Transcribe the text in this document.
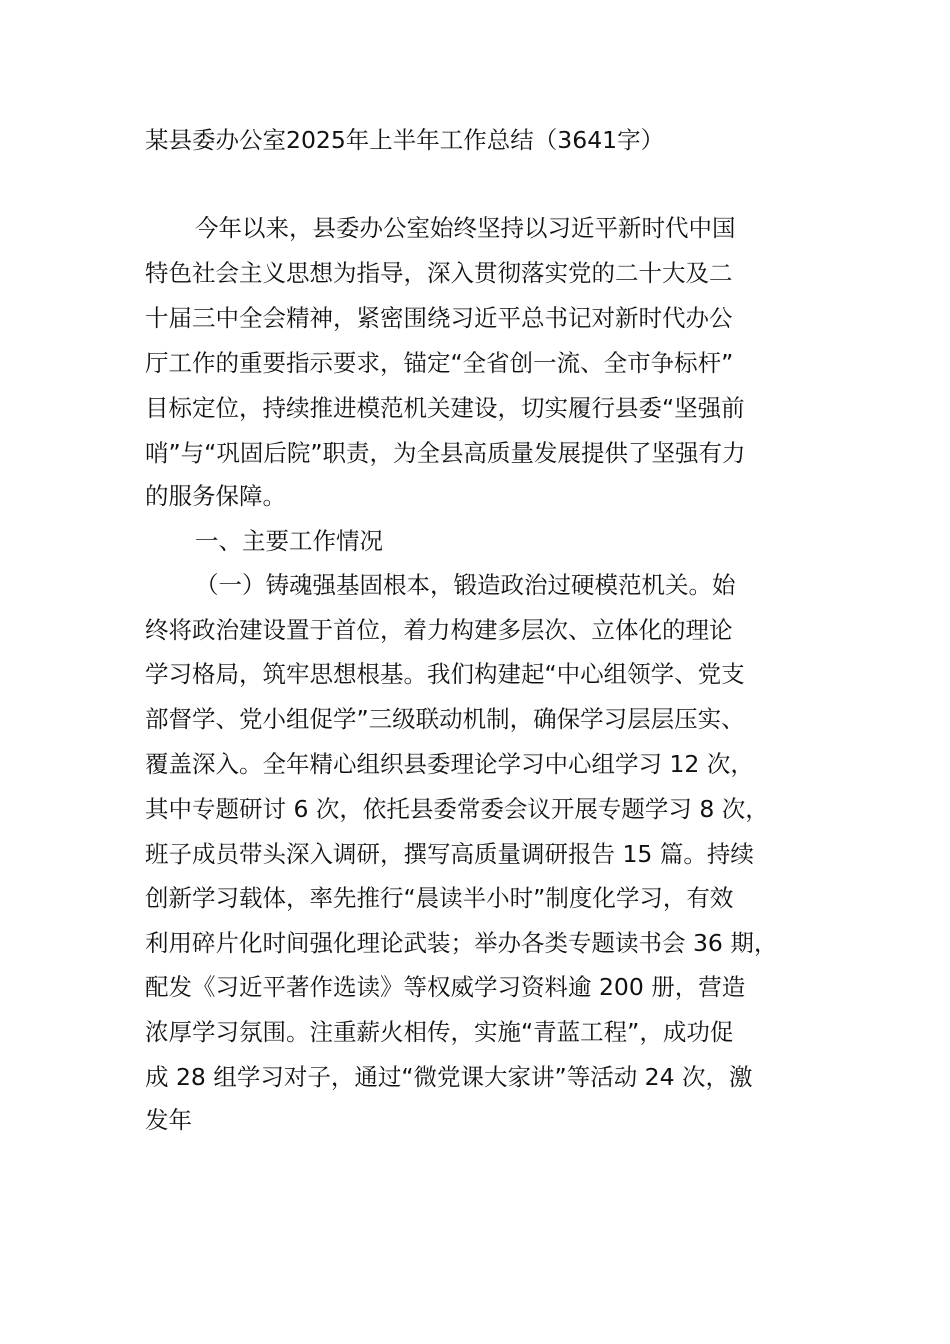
某县委办公室2025年上半年工作总结（3641字）
今年以来，县委办公室始终坚持以习近平新时代中国
特色社会主义思想为指导，深入贯彻落实党的二十大及二
十届三中全会精神，紧密围绕习近平总书记对新时代办公
厅工作的重要指示要求，锚定“全省创一流、全市争标杆”
目标定位，持续推进模范机关建设，切实履行县委“坚强前
哨”与“巩固后院”职责，为全县高质量发展提供了坚强有力
的服务保障。
一、主要工作情况
（一）铸魂强基固根本，锻造政治过硬模范机关。始
终将政治建设置于首位，着力构建多层次、立体化的理论
学习格局，筑牢思想根基。我们构建起“中心组领学、党支
部督学、党小组促学”三级联动机制，确保学习层层压实、
覆盖深入。全年精心组织县委理论学习中心组学习 12 次，
其中专题研讨 6 次，依托县委常委会议开展专题学习 8 次，
班子成员带头深入调研，撰写高质量调研报告 15 篇。持续
创新学习载体，率先推行“晨读半小时”制度化学习，有效
利用碎片化时间强化理论武装；举办各类专题读书会 36 期，
配发《习近平著作选读》等权威学习资料逾 200 册，营造
浓厚学习氛围。注重薪火相传，实施“青蓝工程”，成功促
成 28 组学习对子，通过“微党课大家讲”等活动 24 次，激
发年
